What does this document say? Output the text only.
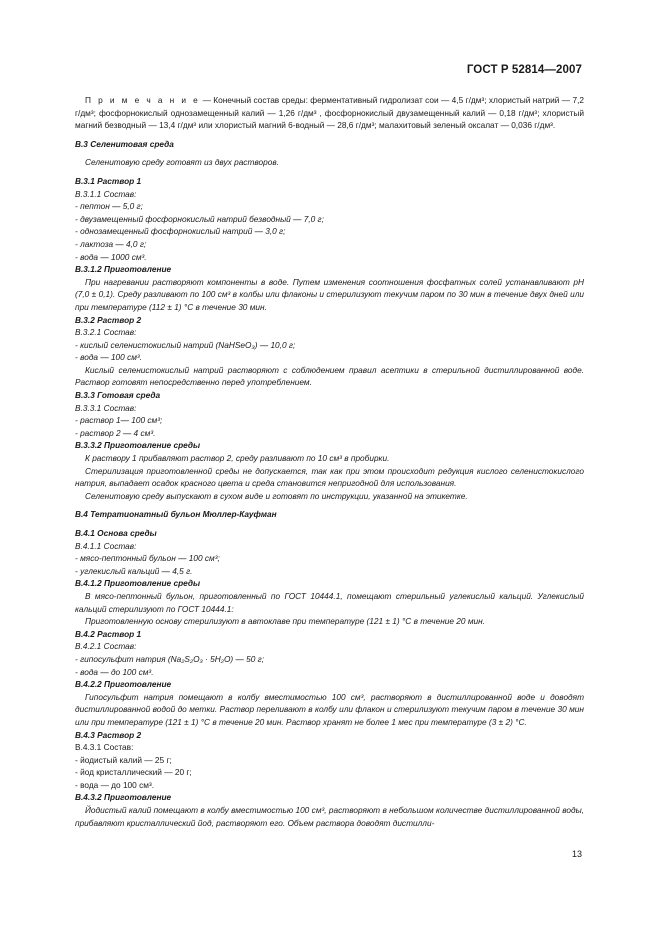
ГОСТ Р 52814—2007

П р и м е ч а н и е — Конечный состав среды: ферментативный гидролизат сои — 4,5 г/дм³; хлористый натрий — 7,2 г/дм³; фосфорнокислый однозамещенный калий — 1,26 г/дм³ , фосфорнокислый двузамещенный калий — 0,18 г/дм³; хлористый магний безводный — 13,4 г/дм³ или хлористый магний 6-водный — 28,6 г/дм³; малахитовый зеленый оксалат — 0,036 г/дм³.

В.3 Селенитовая среда

Селенитовую среду готовят из двух растворов.

В.3.1 Раствор 1

В.3.1.1 Состав:

- пептон — 5,0 г;

- двузамещенный фосфорнокислый натрий безводный — 7,0 г;

- однозамещенный фосфорнокислый натрий — 3,0 г;

- лактоза — 4,0 г;

- вода — 1000 см³.

В.3.1.2 Приготовление

При нагревании растворяют компоненты в воде. Путем изменения соотношения фосфатных солей устанавливают pH (7,0 ± 0,1). Среду разливают по 100 см³ в колбы или флаконы и стерилизуют текучим паром по 30 мин в течение двух дней или при температуре (112 ± 1) °С в течение 30 мин.

В.3.2 Раствор 2

В.3.2.1 Состав:

- кислый селенистокислый натрий (NaHSeO₃) — 10,0 г;

- вода — 100 см³.

Кислый селенистокислый натрий растворяют с соблюдением правил асептики в стерильной дистиллированной воде. Раствор готовят непосредственно перед употреблением.

В.3.3 Готовая среда

В.3.3.1 Состав:

- раствор 1— 100 см³;

- раствор 2 — 4 см³.

В.3.3.2 Приготовление среды

К раствору 1 прибавляют раствор 2, среду разливают по 10 см³ в пробирки.

Стерилизация приготовленной среды не допускается, так как при этом происходит редукция кислого селенистокислого натрия, выпадает осадок красного цвета и среда становится непригодной для использования.

Селенитовую среду выпускают в сухом виде и готовят по инструкции, указанной на этикетке.

В.4 Тетратионатный бульон Мюллер-Кауфман

В.4.1 Основа среды

В.4.1.1 Состав:

- мясо-пептонный бульон — 100 см³;

- углекислый кальций — 4,5 г.

В.4.1.2 Приготовление среды

В мясо-пептонный бульон, приготовленный по ГОСТ 10444.1, помещают стерильный углекислый кальций. Углекислый кальций стерилизуют по ГОСТ 10444.1:

Приготовленную основу стерилизуют в автоклаве при температуре (121 ± 1) °С в течение 20 мин.

В.4.2 Раствор 1

В.4.2.1 Состав:

- гипосульфит натрия (Na₂S₂O₃ · 5H₂O) — 50 г;

- вода — до 100 см³.

В.4.2.2 Приготовление

Гипосульфит натрия помещают в колбу вместимостью 100 см³, растворяют в дистиллированной воде и доводят дистиллированной водой до метки. Раствор переливают в колбу или флакон и стерилизуют текучим паром в течение 30 мин или при температуре (121 ± 1) °С в течение 20 мин. Раствор хранят не более 1 мес при температуре (3 ± 2) °С.

В.4.3 Раствор 2

В.4.3.1 Состав:

- йодистый калий — 25 г;

- йод кристаллический — 20 г;

- вода — до 100 см³.

В.4.3.2 Приготовление

Йодистый калий помещают в колбу вместимостью 100 см³, растворяют в небольшом количестве дистиллированной воды, прибавляют кристаллический йод, растворяют его. Объем раствора доводят дистилли-

13
